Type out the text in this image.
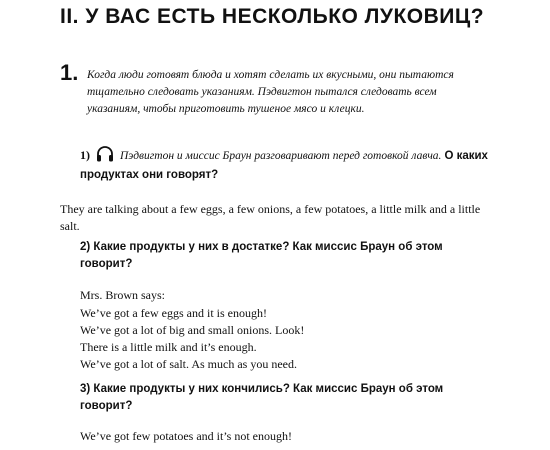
II. У ВАС ЕСТЬ НЕСКОЛЬКО ЛУКОВИЦ?
1. Когда люди готовят блюда и хотят сделать их вкусными, они пытаются тщательно следовать указаниям. Пэдвигтон пытался следовать всем указаниям, чтобы приготовить тушеное мясо и клецки.

1)	Пэдвигтон и миссис Браун разговаривают перед готовкой лавча. О каких продуктах они говорят?

They are talking about a few eggs, a few onions, a few potatoes, a little milk and a little salt.

2) Какие продукты у них в достатке? Как миссис Браун об этом говорит?

Mrs. Brown says:

We’ve got a few eggs and it is enough!
We’ve got a lot of big and small onions. Look!
There is a little milk and it’s enough.
We’ve got a lot of salt. As much as you need.

3) Какие продукты у них кончились? Как миссис Браун об этом говорит?

We’ve got few potatoes and it’s not enough!
